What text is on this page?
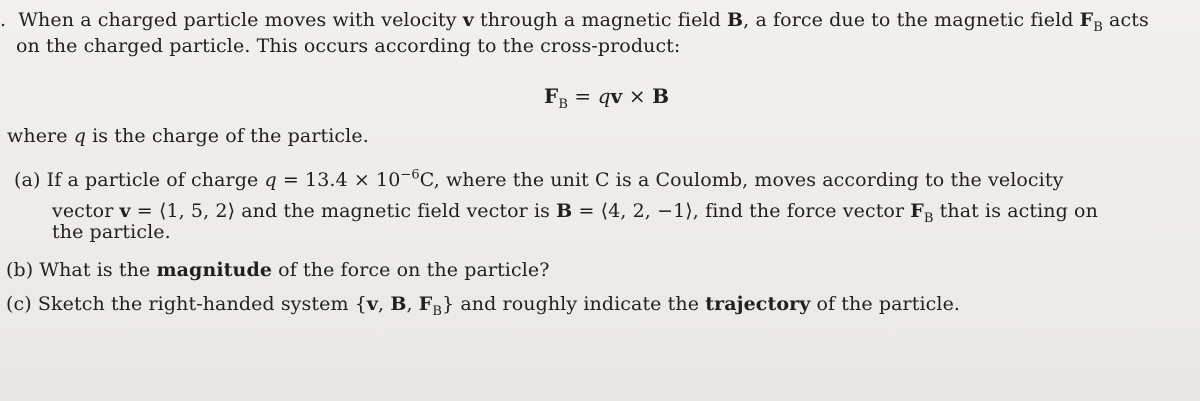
. When a charged particle moves with velocity v through a magnetic field B, a force due to the magnetic field $F_B$ acts
on the charged particle. This occurs according to the cross-product:
$F_B$ = qv × B
where q is the charge of the particle.
(a) If a particle of charge $q = 13.4 \times 10^{-6}C$, where the unit C is a Coulomb, moves according to the velocity
vector v = ⟨1, 5, 2⟩ and the magnetic field vector is B = ⟨4, 2, −1⟩, find the force vector $F_B$ that is acting on
the particle.
(b) What is the magnitude of the force on the particle?
(c) Sketch the right-handed system {v, B, $F_B$} and roughly indicate the trajectory of the particle.
